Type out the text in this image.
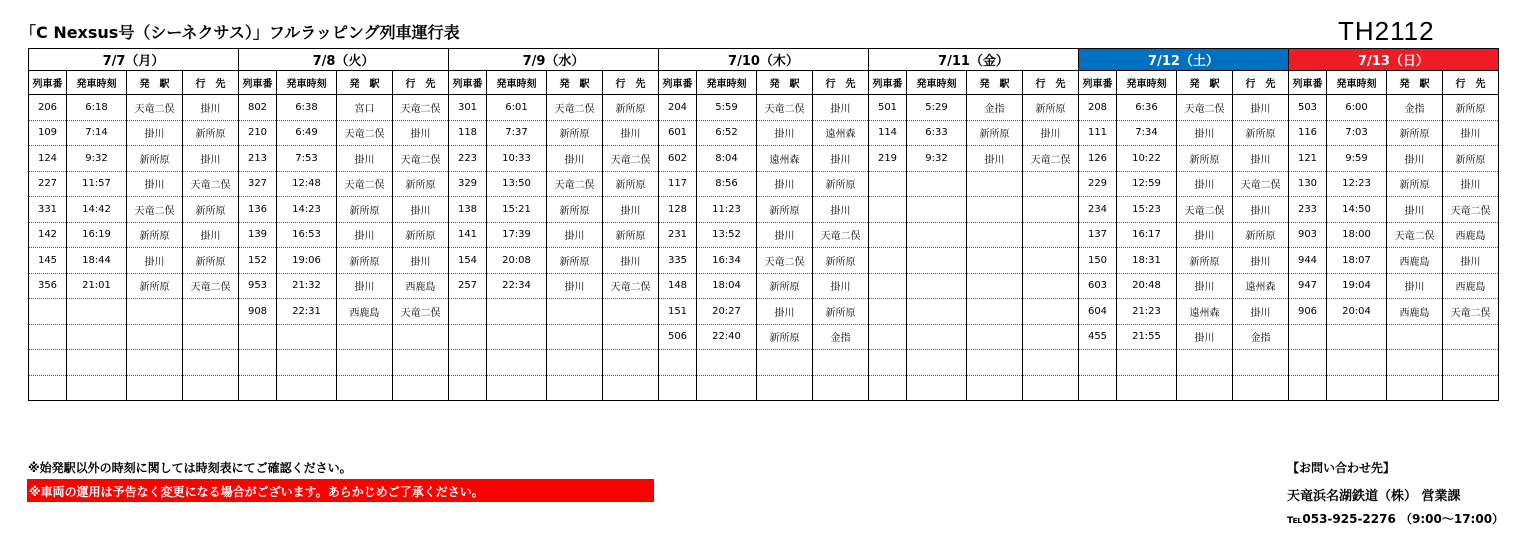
｢C Nexsus号（シーネクサス）」フルラッピング列車運行表	TH2112
7/7（月）				7/8（火）				7/9（水）				7/10（木）				7/11（金）				7/12（土）				7/13（日）			
列車番	発車時刻	発　駅	行　先	列車番	発車時刻	発　駅	行　先	列車番	発車時刻	発　駅	行　先	列車番	発車時刻	発　駅	行　先	列車番	発車時刻	発　駅	行　先	列車番	発車時刻	発　駅	行　先	列車番	発車時刻	発　駅	行　先
206	6:18	天竜二俣	掛川	802	6:38	宮口	天竜二俣	301	6:01	天竜二俣	新所原	204	5:59	天竜二俣	掛川	501	5:29	金指	新所原	208	6:36	天竜二俣	掛川	503	6:00	金指	新所原
109	7:14	掛川	新所原	210	6:49	天竜二俣	掛川	118	7:37	新所原	掛川	601	6:52	掛川	遠州森	114	6:33	新所原	掛川	111	7:34	掛川	新所原	116	7:03	新所原	掛川
124	9:32	新所原	掛川	213	7:53	掛川	天竜二俣	223	10:33	掛川	天竜二俣	602	8:04	遠州森	掛川	219	9:32	掛川	天竜二俣	126	10:22	新所原	掛川	121	9:59	掛川	新所原
227	11:57	掛川	天竜二俣	327	12:48	天竜二俣	新所原	329	13:50	天竜二俣	新所原	117	8:56	掛川	新所原					229	12:59	掛川	天竜二俣	130	12:23	新所原	掛川
331	14:42	天竜二俣	新所原	136	14:23	新所原	掛川	138	15:21	新所原	掛川	128	11:23	新所原	掛川					234	15:23	天竜二俣	掛川	233	14:50	掛川	天竜二俣
142	16:19	新所原	掛川	139	16:53	掛川	新所原	141	17:39	掛川	新所原	231	13:52	掛川	天竜二俣					137	16:17	掛川	新所原	903	18:00	天竜二俣	西鹿島
145	18:44	掛川	新所原	152	19:06	新所原	掛川	154	20:08	新所原	掛川	335	16:34	天竜二俣	新所原					150	18:31	新所原	掛川	944	18:07	西鹿島	掛川
356	21:01	新所原	天竜二俣	953	21:32	掛川	西鹿島	257	22:34	掛川	天竜二俣	148	18:04	新所原	掛川					603	20:48	掛川	遠州森	947	19:04	掛川	西鹿島
				908	22:31	西鹿島	天竜二俣					151	20:27	掛川	新所原					604	21:23	遠州森	掛川	906	20:04	西鹿島	天竜二俣
												506	22:40	新所原	金指					455	21:55	掛川	金指				

※始発駅以外の時刻に関しては時刻表にてご確認ください。
※車両の運用は予告なく変更になる場合がございます。あらかじめご了承ください。
【お問い合わせ先】
天竜浜名湖鉄道（株） 営業課
℡053-925-2276 （9:00～17:00）
